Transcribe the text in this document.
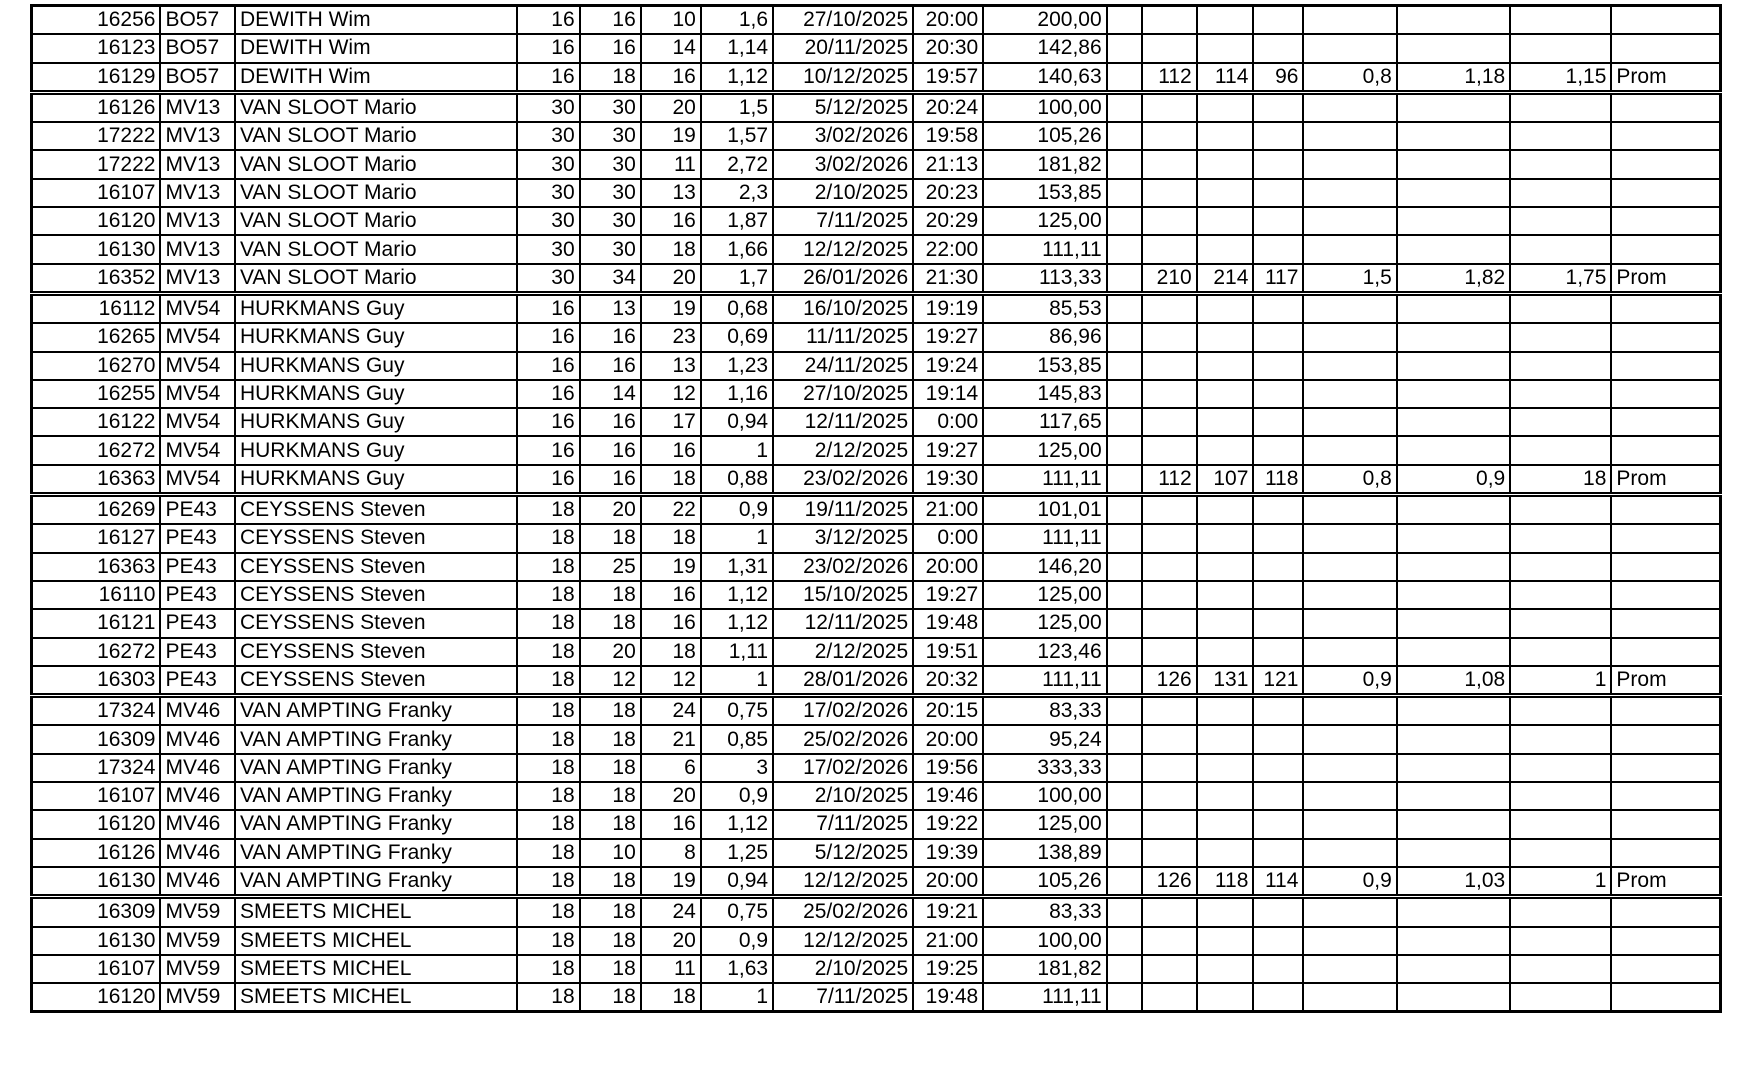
16256	BO57	DEWITH Wim	16	16	10	1,6	27/10/2025	20:00	200,00								
16123	BO57	DEWITH Wim	16	16	14	1,14	20/11/2025	20:30	142,86								
16129	BO57	DEWITH Wim	16	18	16	1,12	10/12/2025	19:57	140,63		112	114	96	0,8	1,18	1,15	Prom
16126	MV13	VAN SLOOT Mario	30	30	20	1,5	5/12/2025	20:24	100,00								
17222	MV13	VAN SLOOT Mario	30	30	19	1,57	3/02/2026	19:58	105,26								
17222	MV13	VAN SLOOT Mario	30	30	11	2,72	3/02/2026	21:13	181,82								
16107	MV13	VAN SLOOT Mario	30	30	13	2,3	2/10/2025	20:23	153,85								
16120	MV13	VAN SLOOT Mario	30	30	16	1,87	7/11/2025	20:29	125,00								
16130	MV13	VAN SLOOT Mario	30	30	18	1,66	12/12/2025	22:00	111,11								
16352	MV13	VAN SLOOT Mario	30	34	20	1,7	26/01/2026	21:30	113,33		210	214	117	1,5	1,82	1,75	Prom
16112	MV54	HURKMANS Guy	16	13	19	0,68	16/10/2025	19:19	85,53								
16265	MV54	HURKMANS Guy	16	16	23	0,69	11/11/2025	19:27	86,96								
16270	MV54	HURKMANS Guy	16	16	13	1,23	24/11/2025	19:24	153,85								
16255	MV54	HURKMANS Guy	16	14	12	1,16	27/10/2025	19:14	145,83								
16122	MV54	HURKMANS Guy	16	16	17	0,94	12/11/2025	0:00	117,65								
16272	MV54	HURKMANS Guy	16	16	16	1	2/12/2025	19:27	125,00								
16363	MV54	HURKMANS Guy	16	16	18	0,88	23/02/2026	19:30	111,11		112	107	118	0,8	0,9	18	Prom
16269	PE43	CEYSSENS Steven	18	20	22	0,9	19/11/2025	21:00	101,01								
16127	PE43	CEYSSENS Steven	18	18	18	1	3/12/2025	0:00	111,11								
16363	PE43	CEYSSENS Steven	18	25	19	1,31	23/02/2026	20:00	146,20								
16110	PE43	CEYSSENS Steven	18	18	16	1,12	15/10/2025	19:27	125,00								
16121	PE43	CEYSSENS Steven	18	18	16	1,12	12/11/2025	19:48	125,00								
16272	PE43	CEYSSENS Steven	18	20	18	1,11	2/12/2025	19:51	123,46								
16303	PE43	CEYSSENS Steven	18	12	12	1	28/01/2026	20:32	111,11		126	131	121	0,9	1,08	1	Prom
17324	MV46	VAN AMPTING Franky	18	18	24	0,75	17/02/2026	20:15	83,33								
16309	MV46	VAN AMPTING Franky	18	18	21	0,85	25/02/2026	20:00	95,24								
17324	MV46	VAN AMPTING Franky	18	18	6	3	17/02/2026	19:56	333,33								
16107	MV46	VAN AMPTING Franky	18	18	20	0,9	2/10/2025	19:46	100,00								
16120	MV46	VAN AMPTING Franky	18	18	16	1,12	7/11/2025	19:22	125,00								
16126	MV46	VAN AMPTING Franky	18	10	8	1,25	5/12/2025	19:39	138,89								
16130	MV46	VAN AMPTING Franky	18	18	19	0,94	12/12/2025	20:00	105,26		126	118	114	0,9	1,03	1	Prom
16309	MV59	SMEETS MICHEL	18	18	24	0,75	25/02/2026	19:21	83,33								
16130	MV59	SMEETS MICHEL	18	18	20	0,9	12/12/2025	21:00	100,00								
16107	MV59	SMEETS MICHEL	18	18	11	1,63	2/10/2025	19:25	181,82								
16120	MV59	SMEETS MICHEL	18	18	18	1	7/11/2025	19:48	111,11								
